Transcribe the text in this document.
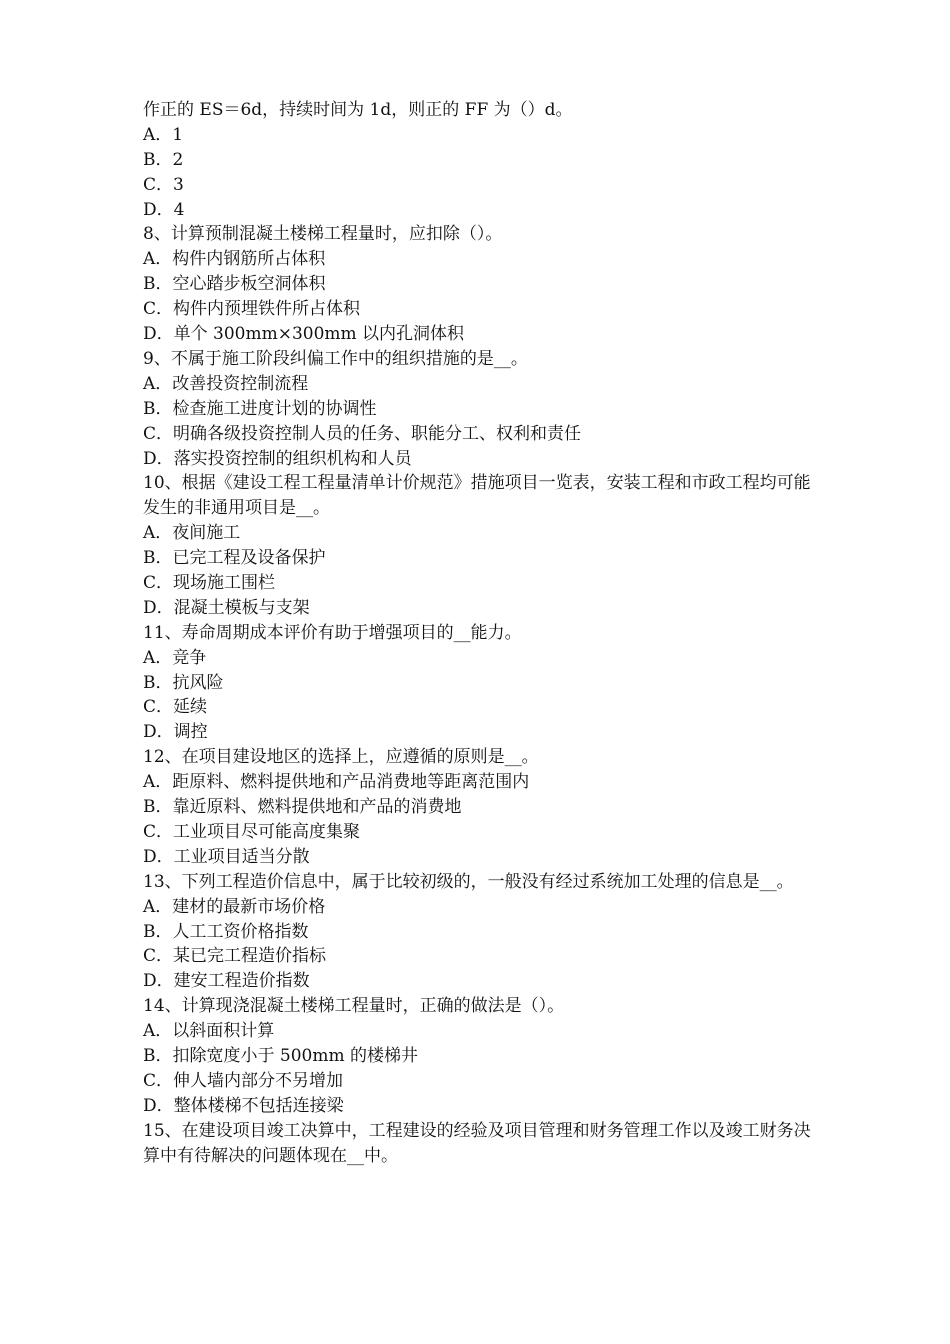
作正的 ES＝6d，持续时间为 1d，则正的 FF 为（）d。
A．1
B．2
C．3
D．4
8、计算预制混凝土楼梯工程量时，应扣除（）。
A．构件内钢筋所占体积
B．空心踏步板空洞体积
C．构件内预埋铁件所占体积
D．单个 300mm×300mm 以内孔洞体积
9、不属于施工阶段纠偏工作中的组织措施的是__。
A．改善投资控制流程
B．检查施工进度计划的协调性
C．明确各级投资控制人员的任务、职能分工、权利和责任
D．落实投资控制的组织机构和人员
10、根据《建设工程工程量清单计价规范》措施项目一览表，安装工程和市政工程均可能发生的非通用项目是__。
A．夜间施工
B．已完工程及设备保护
C．现场施工围栏
D．混凝土模板与支架
11、寿命周期成本评价有助于增强项目的__能力。
A．竞争
B．抗风险
C．延续
D．调控
12、在项目建设地区的选择上，应遵循的原则是__。
A．距原料、燃料提供地和产品消费地等距离范围内
B．靠近原料、燃料提供地和产品的消费地
C．工业项目尽可能高度集聚
D．工业项目适当分散
13、下列工程造价信息中，属于比较初级的，一般没有经过系统加工处理的信息是__。
A．建材的最新市场价格
B．人工工资价格指数
C．某已完工程造价指标
D．建安工程造价指数
14、计算现浇混凝土楼梯工程量时，正确的做法是（）。
A．以斜面积计算
B．扣除宽度小于 500mm 的楼梯井
C．伸人墙内部分不另增加
D．整体楼梯不包括连接梁
15、在建设项目竣工决算中，工程建设的经验及项目管理和财务管理工作以及竣工财务决算中有待解决的问题体现在__中。
